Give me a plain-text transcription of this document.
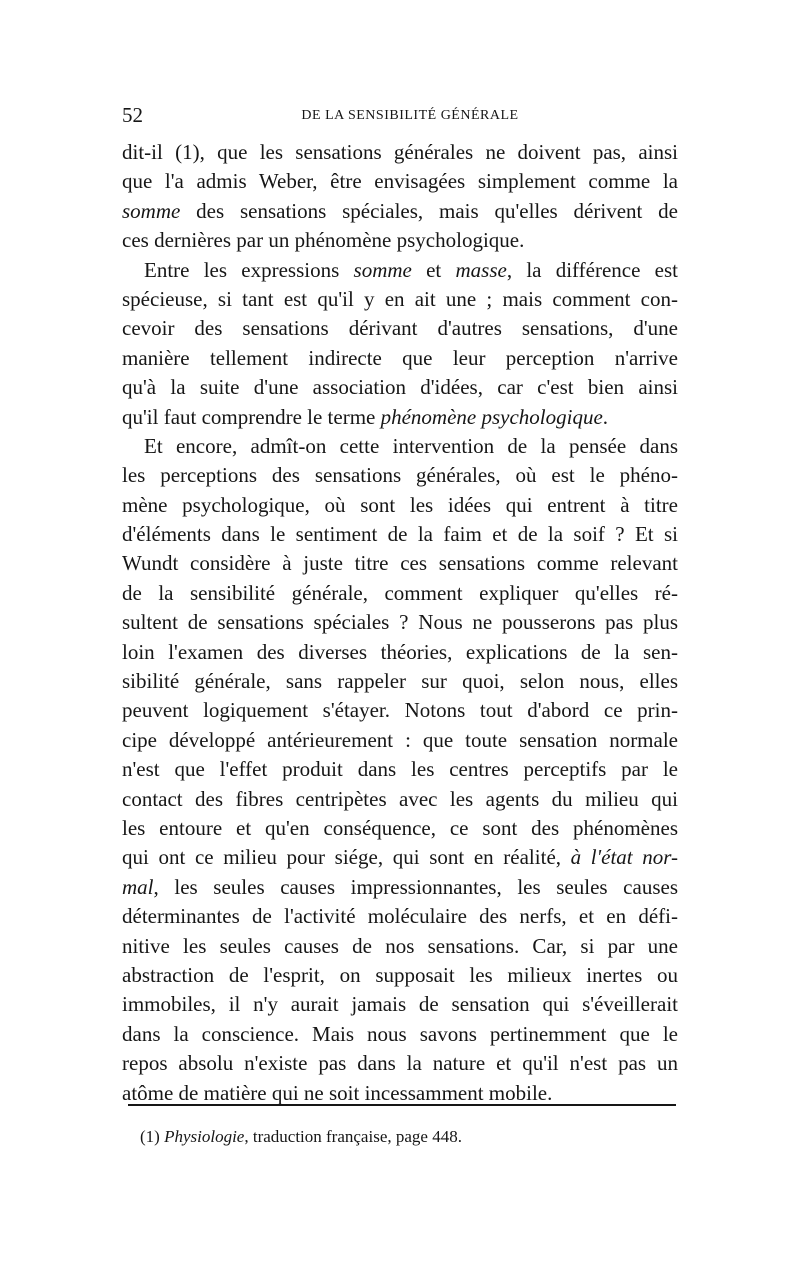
52	DE LA SENSIBILITÉ GÉNÉRALE
dit-il (1), que les sensations générales ne doivent pas, ainsi
que l'a admis Weber, être envisagées simplement comme la
somme des sensations spéciales, mais qu'elles dérivent de
ces dernières par un phénomène psychologique.
Entre les expressions somme et masse, la différence est
spécieuse, si tant est qu'il y en ait une ; mais comment con-
cevoir des sensations dérivant d'autres sensations, d'une
manière tellement indirecte que leur perception n'arrive
qu'à la suite d'une association d'idées, car c'est bien ainsi
qu'il faut comprendre le terme phénomène psychologique.
Et encore, admît-on cette intervention de la pensée dans
les perceptions des sensations générales, où est le phéno-
mène psychologique, où sont les idées qui entrent à titre
d'éléments dans le sentiment de la faim et de la soif ? Et si
Wundt considère à juste titre ces sensations comme relevant
de la sensibilité générale, comment expliquer qu'elles ré-
sultent de sensations spéciales ? Nous ne pousserons pas plus
loin l'examen des diverses théories, explications de la sen-
sibilité générale, sans rappeler sur quoi, selon nous, elles
peuvent logiquement s'étayer. Notons tout d'abord ce prin-
cipe développé antérieurement : que toute sensation normale
n'est que l'effet produit dans les centres perceptifs par le
contact des fibres centripètes avec les agents du milieu qui
les entoure et qu'en conséquence, ce sont des phénomènes
qui ont ce milieu pour siége, qui sont en réalité, à l'état nor-
mal, les seules causes impressionnantes, les seules causes
déterminantes de l'activité moléculaire des nerfs, et en défi-
nitive les seules causes de nos sensations. Car, si par une
abstraction de l'esprit, on supposait les milieux inertes ou
immobiles, il n'y aurait jamais de sensation qui s'éveillerait
dans la conscience. Mais nous savons pertinemment que le
repos absolu n'existe pas dans la nature et qu'il n'est pas un
atôme de matière qui ne soit incessamment mobile.
(1) Physiologie, traduction française, page 448.
